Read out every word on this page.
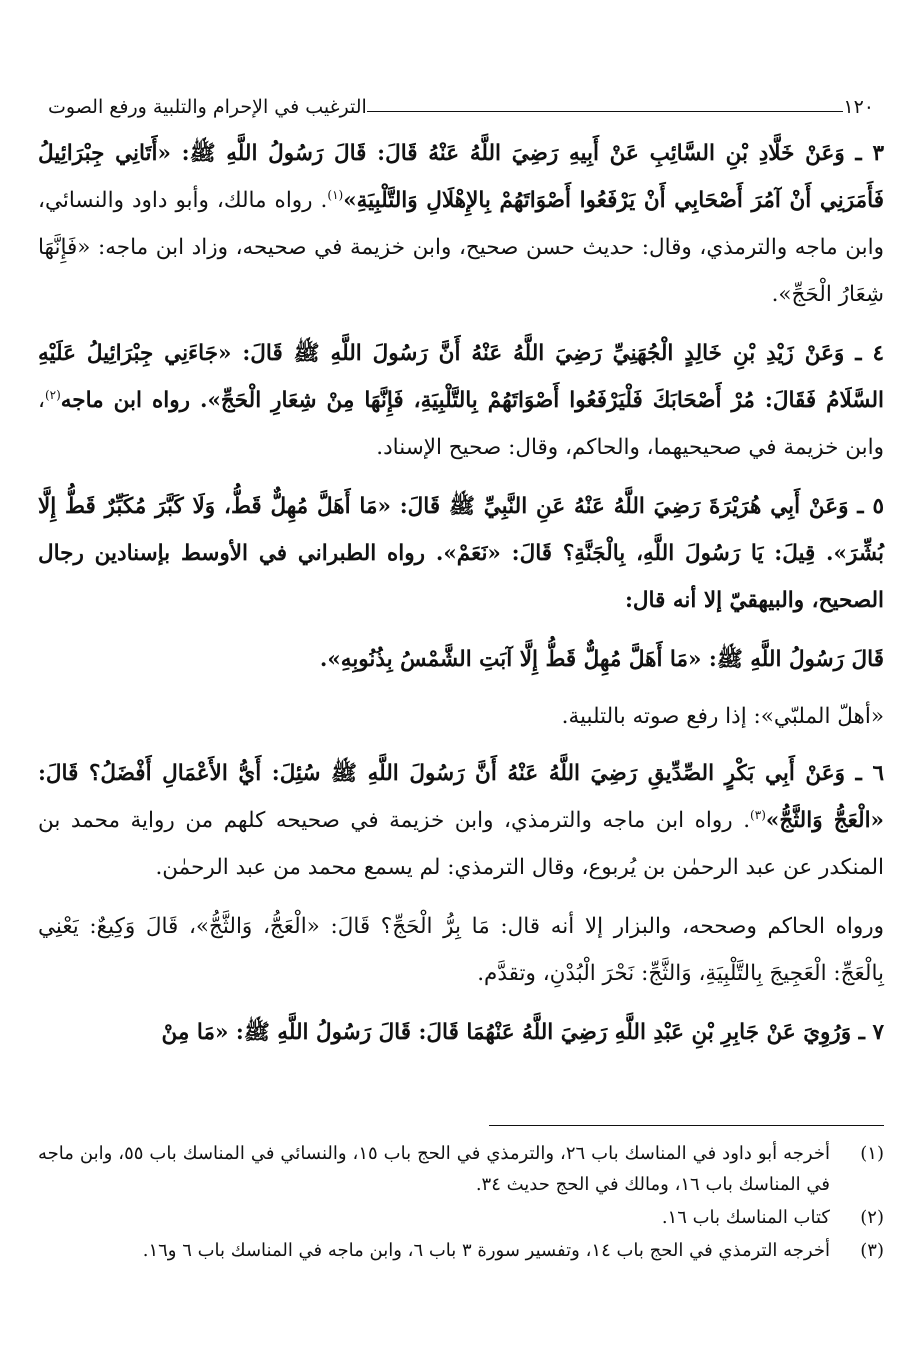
١٢٠
الترغيب في الإحرام والتلبية ورفع الصوت

٣ ـ وَعَنْ خَلَّادِ بْنِ السَّائِبِ عَنْ أَبِيهِ رَضِيَ اللَّهُ عَنْهُ قَالَ: قَالَ رَسُولُ اللَّهِ ﷺ: «أَتَانِي جِبْرَائِيلُ فَأَمَرَنِي أَنْ آمُرَ أَصْحَابِي أَنْ يَرْفَعُوا أَصْوَاتَهُمْ بِالإِهْلَالِ وَالتَّلْبِيَةِ»$^{(١)}$. رواه مالك، وأبو داود والنسائي، وابن ماجه والترمذي، وقال: حديث حسن صحيح، وابن خزيمة في صحيحه، وزاد ابن ماجه: «فَإِنَّهَا شِعَارُ الْحَجِّ».

٤ ـ وَعَنْ زَيْدِ بْنِ خَالِدٍ الْجُهَنِيِّ رَضِيَ اللَّهُ عَنْهُ أَنَّ رَسُولَ اللَّهِ ﷺ قَالَ: «جَاءَنِي جِبْرَائِيلُ عَلَيْهِ السَّلَامُ فَقَالَ: مُرْ أَصْحَابَكَ فَلْيَرْفَعُوا أَصْوَاتَهُمْ بِالتَّلْبِيَةِ، فَإِنَّهَا مِنْ شِعَارِ الْحَجِّ». رواه ابن ماجه$^{(٢)}$، وابن خزيمة في صحيحيهما، والحاكم، وقال: صحيح الإسناد.

٥ ـ وَعَنْ أَبِي هُرَيْرَةَ رَضِيَ اللَّهُ عَنْهُ عَنِ النَّبِيِّ ﷺ قَالَ: «مَا أَهَلَّ مُهِلٌّ قَطُّ، وَلَا كَبَّرَ مُكَبِّرٌ قَطُّ إِلَّا بُشِّرَ». قِيلَ: يَا رَسُولَ اللَّهِ، بِالْجَنَّةِ؟ قَالَ: «نَعَمْ». رواه الطبراني في الأوسط بإسنادين رجال الصحيح، والبيهقيّ إلا أنه قال:

قَالَ رَسُولُ اللَّهِ ﷺ: «مَا أَهَلَّ مُهِلٌّ قَطُّ إِلَّا آبَتِ الشَّمْسُ بِذُنُوبِهِ».

«أهلّ الملبّي»: إذا رفع صوته بالتلبية.

٦ ـ وَعَنْ أَبِي بَكْرٍ الصِّدِّيقِ رَضِيَ اللَّهُ عَنْهُ أَنَّ رَسُولَ اللَّهِ ﷺ سُئِلَ: أَيُّ الأَعْمَالِ أَفْضَلُ؟ قَالَ: «الْعَجُّ وَالثَّجُّ»$^{(٣)}$. رواه ابن ماجه والترمذي، وابن خزيمة في صحيحه كلهم من رواية محمد بن المنكدر عن عبد الرحمٰن بن يُربوع، وقال الترمذي: لم يسمع محمد من عبد الرحمٰن.

ورواه الحاكم وصححه، والبزار إلا أنه قال: مَا بِرُّ الْحَجِّ؟ قَالَ: «الْعَجُّ، وَالثَّجُّ»، قَالَ وَكِيعٌ: يَعْنِي بِالْعَجِّ: الْعَجِيجَ بِالتَّلْبِيَةِ، وَالثَّجِّ: نَحْرَ الْبُدْنِ، وتقدَّم.

٧ ـ وَرُوِيَ عَنْ جَابِرِ بْنِ عَبْدِ اللَّهِ رَضِيَ اللَّهُ عَنْهُمَا قَالَ: قَالَ رَسُولُ اللَّهِ ﷺ: «مَا مِنْ

(١)
أخرجه أبو داود في المناسك باب ٢٦، والترمذي في الحج باب ١٥، والنسائي في المناسك باب ٥٥، وابن ماجه في المناسك باب ١٦، ومالك في الحج حديث ٣٤.
(٢)
كتاب المناسك باب ١٦.
(٣)
أخرجه الترمذي في الحج باب ١٤، وتفسير سورة ٣ باب ٦، وابن ماجه في المناسك باب ٦ و١٦.
